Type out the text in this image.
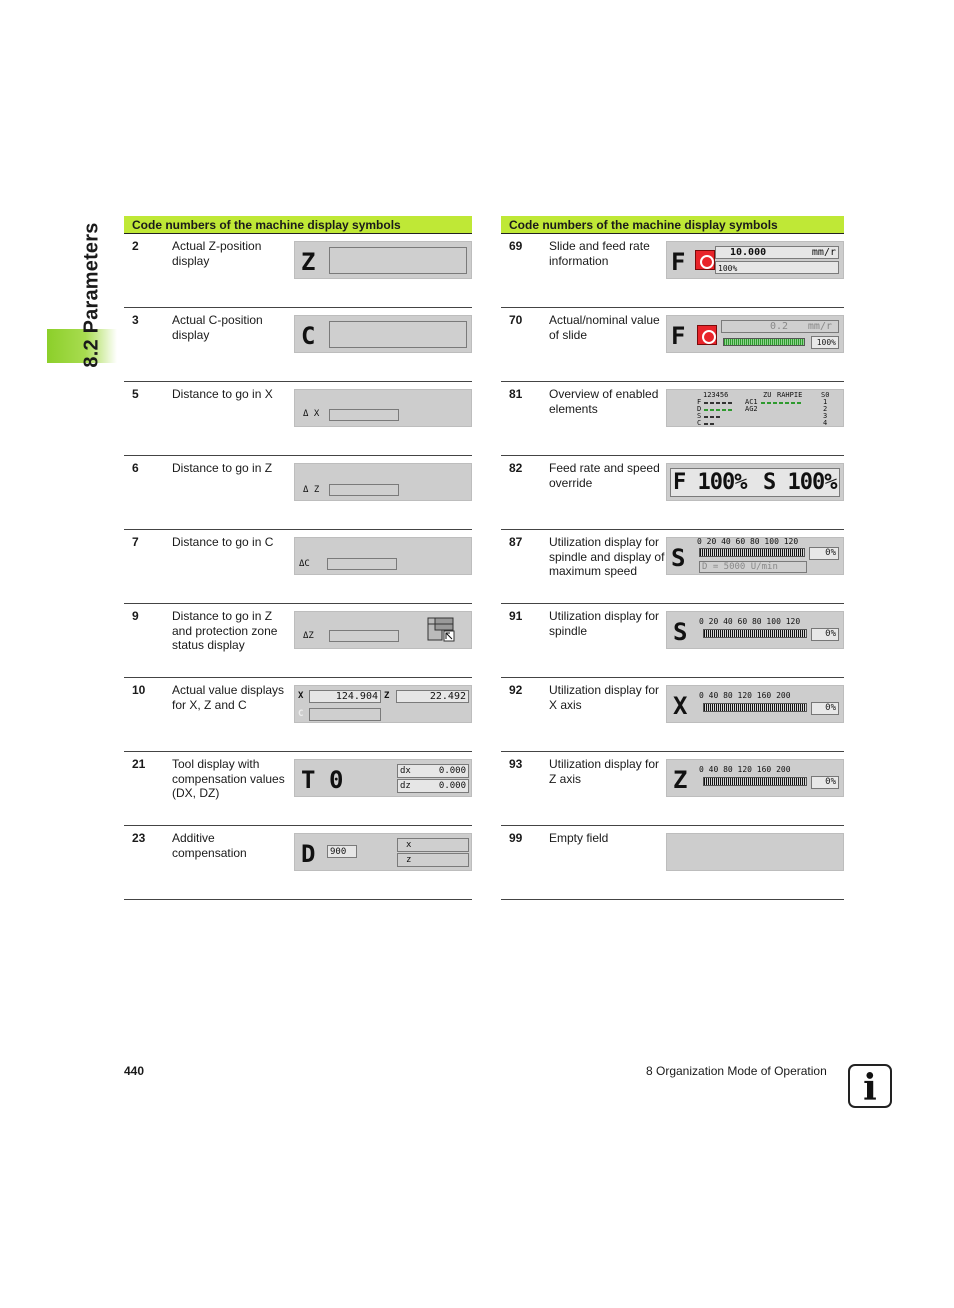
8.2 Parameters	Code numbers of the machine display symbols
2	Actual Z-position display	Z
3	Actual C-position display	C
5	Distance to go in X
Δ X
6	Distance to go in Z
Δ Z
7	Distance to go in C
ΔC
9	Distance to go in Z and protection zone status display
ΔZ
10 Actual value displays for X, Z and C
X	124.904 Z	22.492
C
21 Tool display with compensation values (DX, DZ)	T 0	dx	0.000
dz	0.000
23 Additive compensation	D 900
x
z
Code numbers of the machine display symbols
69 Slide and feed rate information	F	10.000	mm/r
100%
70 Actual/nominal value of slide	F	0.2 mm/r
100%
81 Overview of enabled elements
123456	ZU RAHPIE	S0
F
D
S
C
AC1
AG2
1
2
3
4
82 Feed rate and speed override	F 100% S 100%
87 Utilization display for spindle and display of maximum speed	S
0 20 40 60 80 100 120
0%
D = 5000 U/min
91 Utilization display for spindle	S 0 20 40 60 80 100 120
0%
92 Utilization display for X axis	X 0 40 80 120 160 200
0%
93 Utilization display for Z axis	Z 0 40 80 120 160 200
0%
99 Empty field
440	8 Organization Mode of Operation	i
